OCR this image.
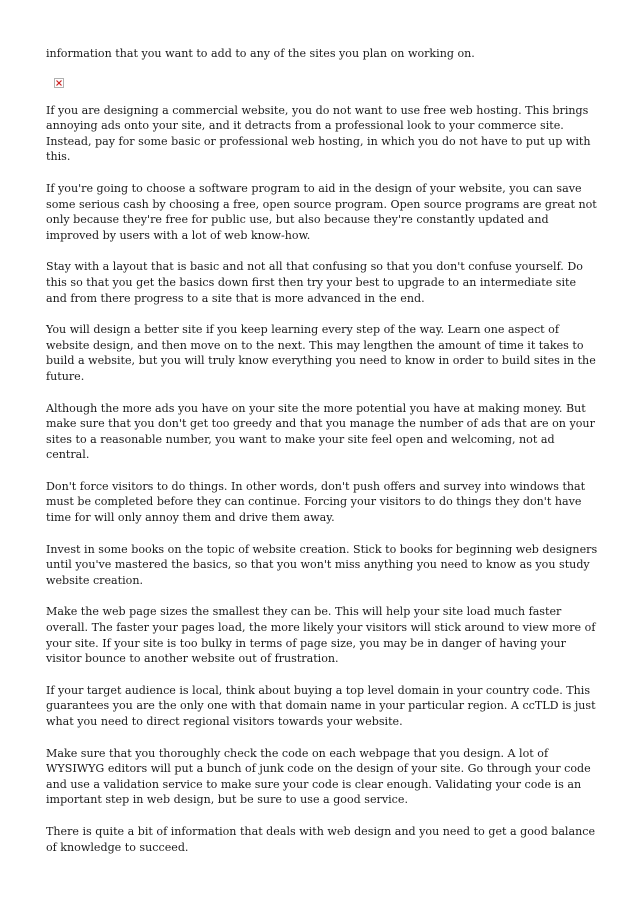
information that you want to add to any of the sites you plan on working on.

If you are designing a commercial website, you do not want to use free web hosting. This brings annoying ads onto your site, and it detracts from a professional look to your commerce site. Instead, pay for some basic or professional web hosting, in which you do not have to put up with this.

If you're going to choose a software program to aid in the design of your website, you can save some serious cash by choosing a free, open source program. Open source programs are great not only because they're free for public use, but also because they're constantly updated and improved by users with a lot of web know-how.

Stay with a layout that is basic and not all that confusing so that you don't confuse yourself. Do this so that you get the basics down first then try your best to upgrade to an intermediate site and from there progress to a site that is more advanced in the end.

You will design a better site if you keep learning every step of the way. Learn one aspect of website design, and then move on to the next. This may lengthen the amount of time it takes to build a website, but you will truly know everything you need to know in order to build sites in the future.

Although the more ads you have on your site the more potential you have at making money. But make sure that you don't get too greedy and that you manage the number of ads that are on your sites to a reasonable number, you want to make your site feel open and welcoming, not ad central.

Don't force visitors to do things. In other words, don't push offers and survey into windows that must be completed before they can continue. Forcing your visitors to do things they don't have time for will only annoy them and drive them away.

Invest in some books on the topic of website creation. Stick to books for beginning web designers until you've mastered the basics, so that you won't miss anything you need to know as you study website creation.

Make the web page sizes the smallest they can be. This will help your site load much faster overall. The faster your pages load, the more likely your visitors will stick around to view more of your site. If your site is too bulky in terms of page size, you may be in danger of having your visitor bounce to another website out of frustration.

If your target audience is local, think about buying a top level domain in your country code. This guarantees you are the only one with that domain name in your particular region. A ccTLD is just what you need to direct regional visitors towards your website.

Make sure that you thoroughly check the code on each webpage that you design. A lot of WYSIWYG editors will put a bunch of junk code on the design of your site. Go through your code and use a validation service to make sure your code is clear enough. Validating your code is an important step in web design, but be sure to use a good service.

There is quite a bit of information that deals with web design and you need to get a good balance of knowledge to succeed.
